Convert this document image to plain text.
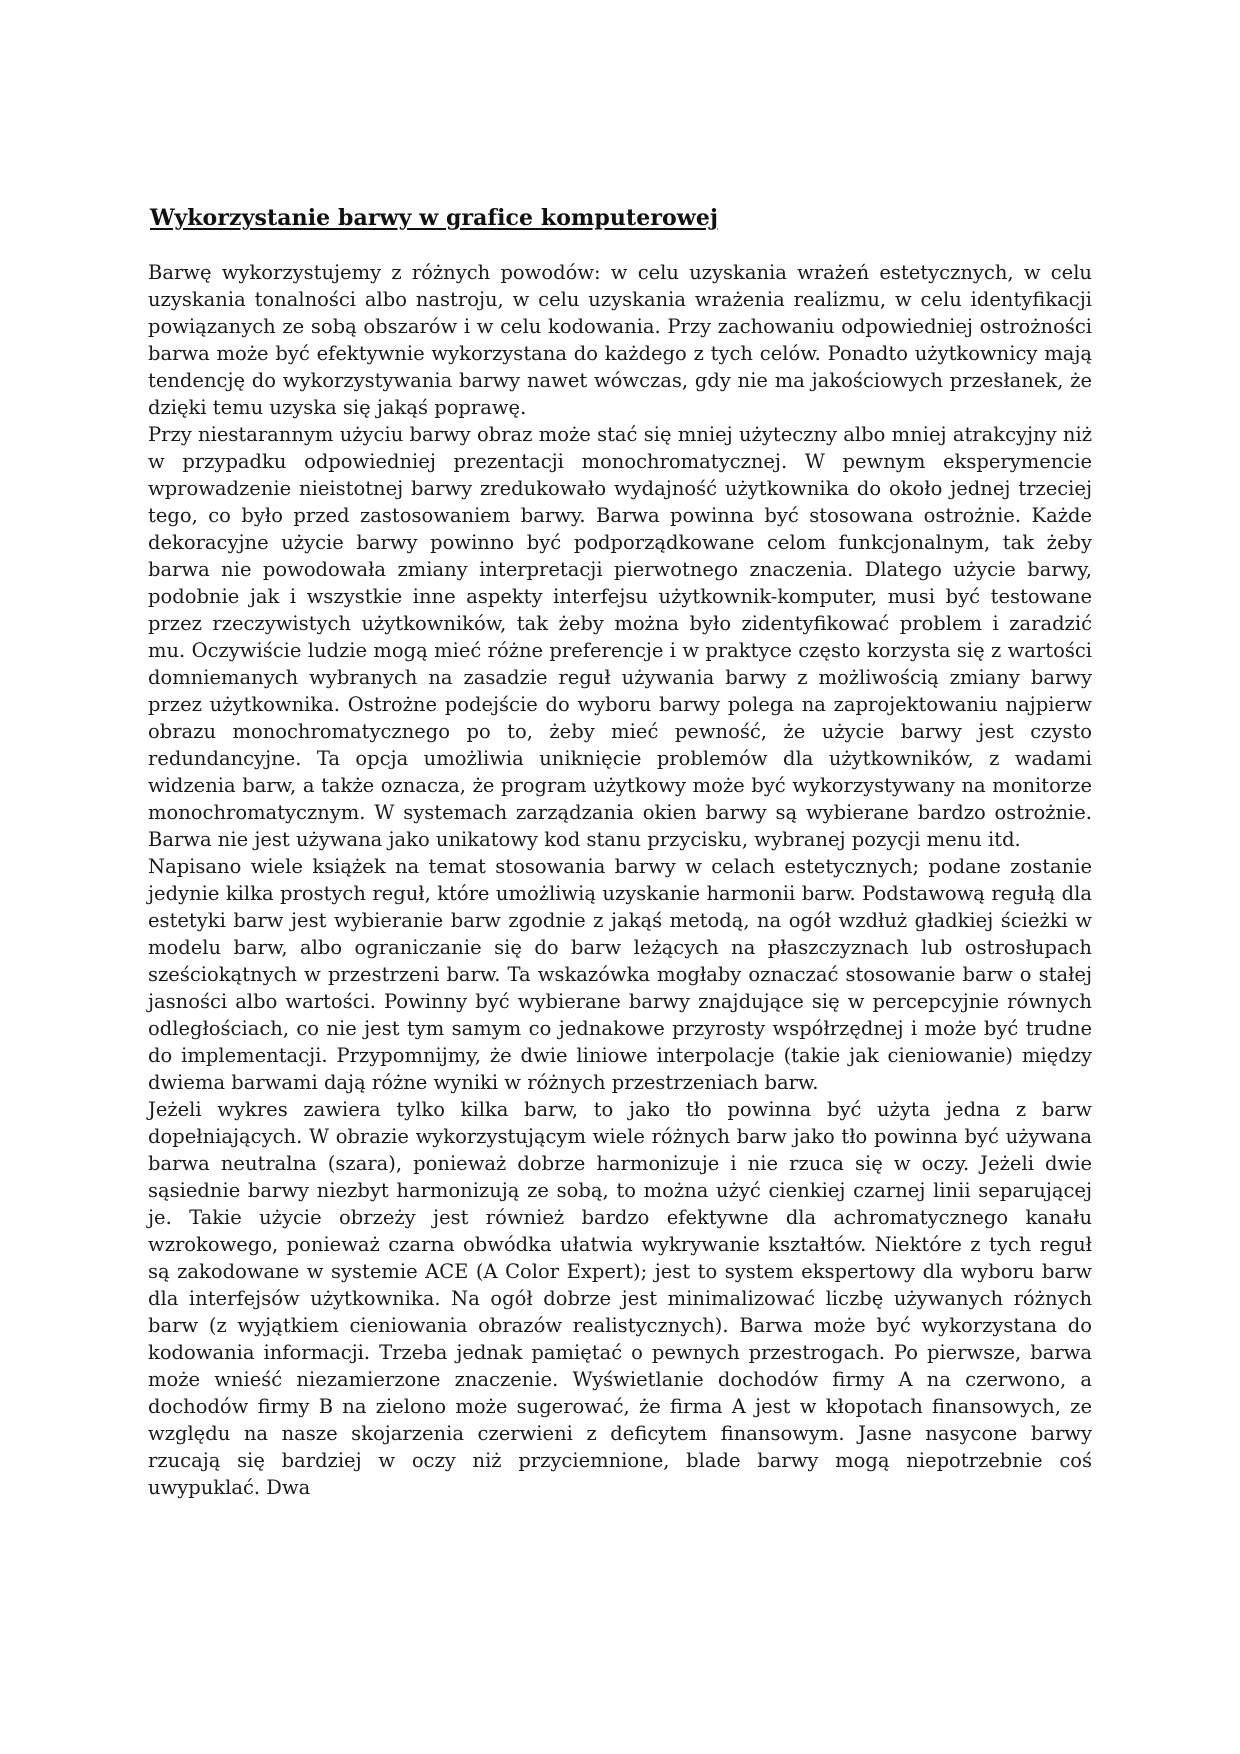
Wykorzystanie barwy w grafice komputerowej

Barwę wykorzystujemy z różnych powodów: w celu uzyskania wrażeń estetycznych, w celu uzyskania tonalności albo nastroju, w celu uzyskania wrażenia realizmu, w celu identyfikacji powiązanych ze sobą obszarów i w celu kodowania. Przy zachowaniu odpowiedniej ostrożności barwa może być efektywnie wykorzystana do każdego z tych celów. Ponadto użytkownicy mają tendencję do wykorzystywania barwy nawet wówczas, gdy nie ma jakościowych przesłanek, że dzięki temu uzyska się jakąś poprawę.

Przy niestarannym użyciu barwy obraz może stać się mniej użyteczny albo mniej atrakcyjny niż w przypadku odpowiedniej prezentacji monochromatycznej. W pewnym eksperymencie wprowadzenie nieistotnej barwy zredukowało wydajność użytkownika do około jednej trzeciej tego, co było przed zastosowaniem barwy. Barwa powinna być stosowana ostrożnie. Każde dekoracyjne użycie barwy powinno być podporządkowane celom funkcjonalnym, tak żeby barwa nie powodowała zmiany interpretacji pierwotnego znaczenia. Dlatego użycie barwy, podobnie jak i wszystkie inne aspekty interfejsu użytkownik-komputer, musi być testowane przez rzeczywistych użytkowników, tak żeby można było zidentyfikować problem i zaradzić mu. Oczywiście ludzie mogą mieć różne preferencje i w praktyce często korzysta się z wartości domniemanych wybranych na zasadzie reguł używania barwy z możliwością zmiany barwy przez użytkownika. Ostrożne podejście do wyboru barwy polega na zaprojektowaniu najpierw obrazu monochromatycznego po to, żeby mieć pewność, że użycie barwy jest czysto redundancyjne. Ta opcja umożliwia uniknięcie problemów dla użytkowników, z wadami widzenia barw, a także oznacza, że program użytkowy może być wykorzystywany na monitorze monochromatycznym. W systemach zarządzania okien barwy są wybierane bardzo ostrożnie. Barwa nie jest używana jako unikatowy kod stanu przycisku, wybranej pozycji menu itd.

Napisano wiele książek na temat stosowania barwy w celach estetycznych; podane zostanie jedynie kilka prostych reguł, które umożliwią uzyskanie harmonii barw. Podstawową regułą dla estetyki barw jest wybieranie barw zgodnie z jakąś metodą, na ogół wzdłuż gładkiej ścieżki w modelu barw, albo ograniczanie się do barw leżących na płaszczyznach lub ostrosłupach sześciokątnych w przestrzeni barw. Ta wskazówka mogłaby oznaczać stosowanie barw o stałej jasności albo wartości. Powinny być wybierane barwy znajdujące się w percepcyjnie równych odległościach, co nie jest tym samym co jednakowe przyrosty współrzędnej i może być trudne do implementacji. Przypomnijmy, że dwie liniowe interpolacje (takie jak cieniowanie) między dwiema barwami dają różne wyniki w różnych przestrzeniach barw.

Jeżeli wykres zawiera tylko kilka barw, to jako tło powinna być użyta jedna z barw dopełniających. W obrazie wykorzystującym wiele różnych barw jako tło powinna być używana barwa neutralna (szara), ponieważ dobrze harmonizuje i nie rzuca się w oczy. Jeżeli dwie sąsiednie barwy niezbyt harmonizują ze sobą, to można użyć cienkiej czarnej linii separującej je. Takie użycie obrzeży jest również bardzo efektywne dla achromatycznego kanału wzrokowego, ponieważ czarna obwódka ułatwia wykrywanie kształtów. Niektóre z tych reguł są zakodowane w systemie ACE (A Color Expert); jest to system ekspertowy dla wyboru barw dla interfejsów użytkownika. Na ogół dobrze jest minimalizować liczbę używanych różnych barw (z wyjątkiem cieniowania obrazów realistycznych). Barwa może być wykorzystana do kodowania informacji. Trzeba jednak pamiętać o pewnych przestrogach. Po pierwsze, barwa może wnieść niezamierzone znaczenie. Wyświetlanie dochodów firmy A na czerwono, a dochodów firmy B na zielono może sugerować, że firma A jest w kłopotach finansowych, ze względu na nasze skojarzenia czerwieni z deficytem finansowym. Jasne nasycone barwy rzucają się bardziej w oczy niż przyciemnione, blade barwy mogą niepotrzebnie coś uwypuklać. Dwa
